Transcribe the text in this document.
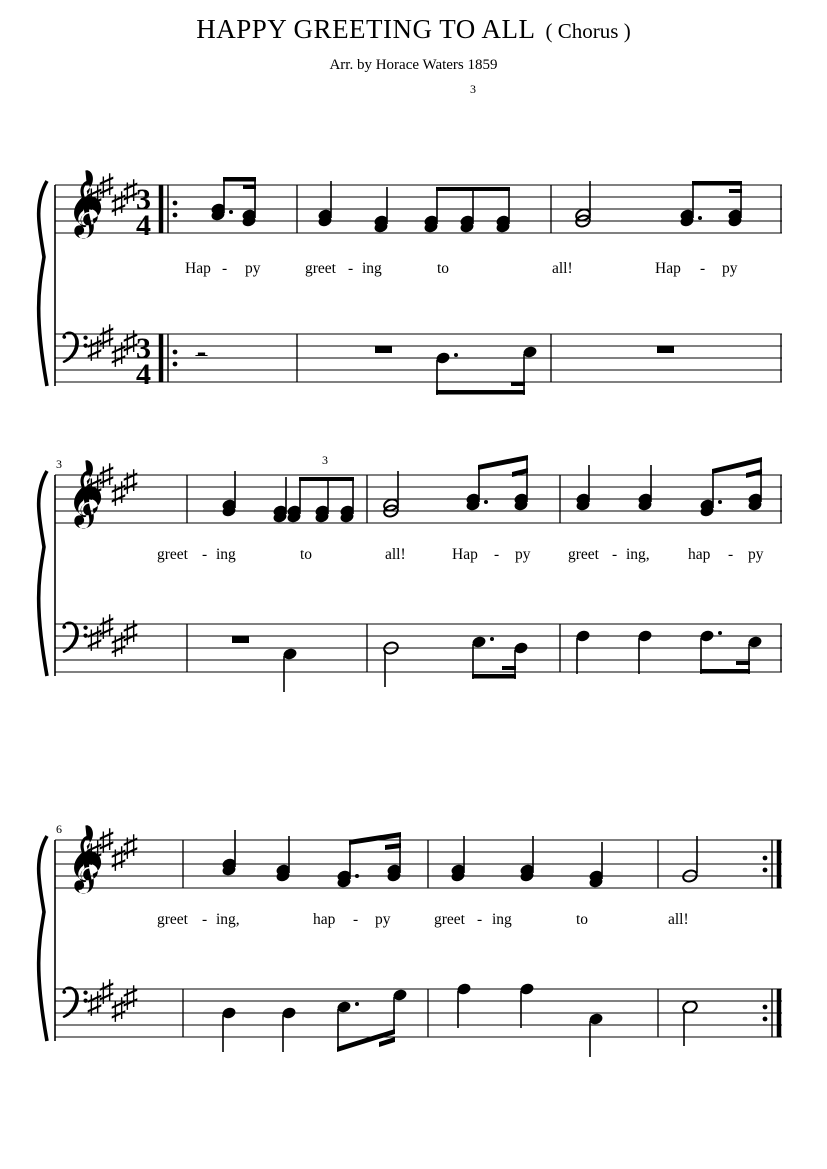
HAPPY GREETING TO ALL ( Chorus )
Arr. by Horace Waters 1859
♯
♯
♯
♯
♯
♯
♯
♯
3
4
3
4 𝄼
3
Hap - py	greet - ing	to	all!	Hap - py
♯
♯
♯
♯
♯
♯
♯
♯
3	3
greet - ing	to	all!	Hap - py greet - ing, hap - py
♯
♯
♯
♯
♯
♯
♯
♯
6
greet - ing,	hap - py	greet - ing	to	all!
